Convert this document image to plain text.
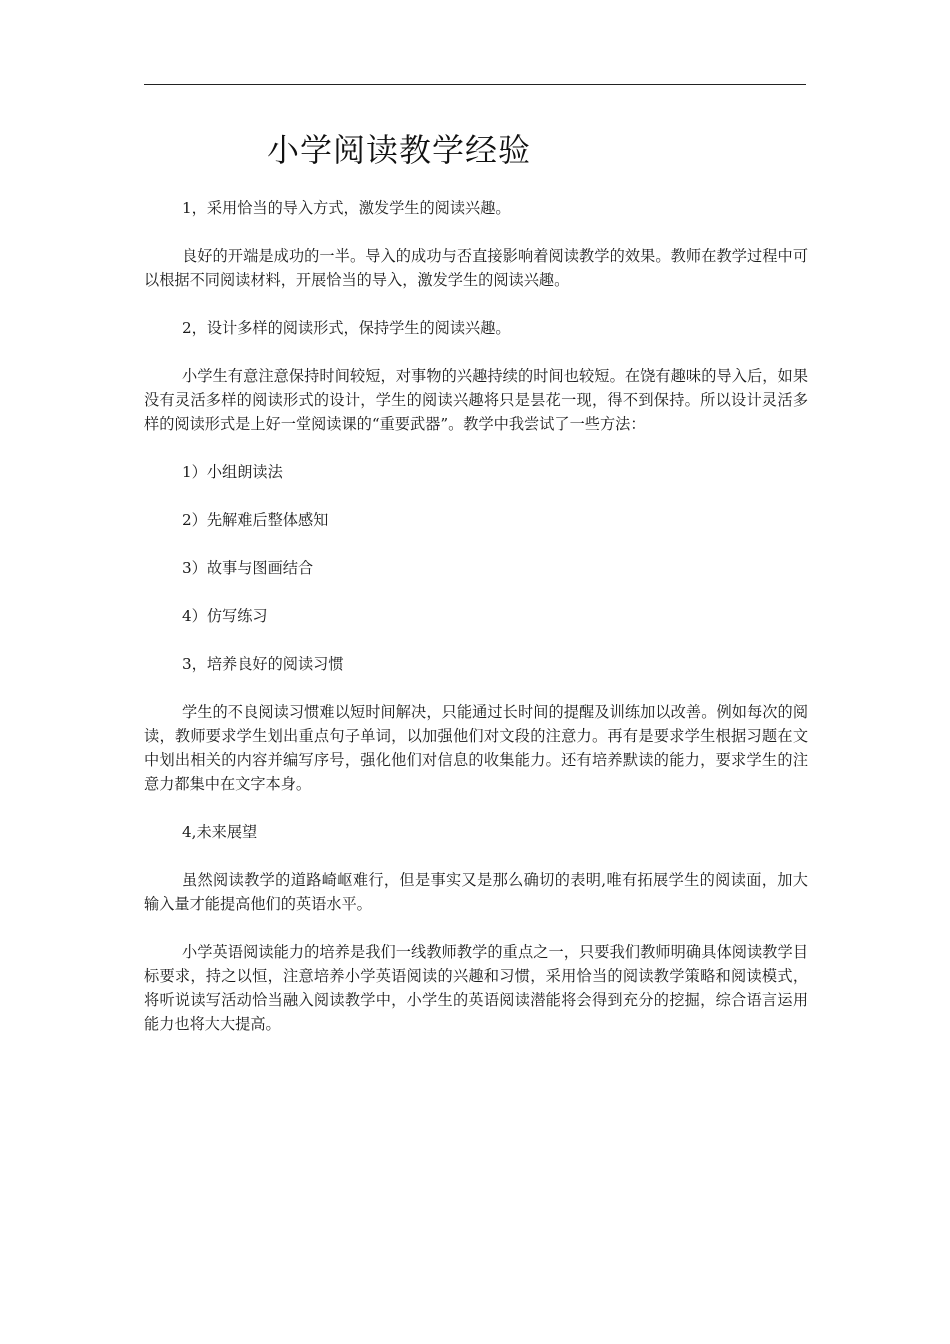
小学阅读教学经验

1，采用恰当的导入方式，激发学生的阅读兴趣。

良好的开端是成功的一半。导入的成功与否直接影响着阅读教学的效果。教师在教学过程中可以根据不同阅读材料，开展恰当的导入，激发学生的阅读兴趣。

2，设计多样的阅读形式，保持学生的阅读兴趣。

小学生有意注意保持时间较短，对事物的兴趣持续的时间也较短。在饶有趣味的导入后，如果没有灵活多样的阅读形式的设计，学生的阅读兴趣将只是昙花一现，得不到保持。所以设计灵活多样的阅读形式是上好一堂阅读课的“重要武器”。教学中我尝试了一些方法：

1）小组朗读法

2）先解难后整体感知

3）故事与图画结合

4）仿写练习

3，培养良好的阅读习惯

学生的不良阅读习惯难以短时间解决，只能通过长时间的提醒及训练加以改善。例如每次的阅读，教师要求学生划出重点句子单词，以加强他们对文段的注意力。再有是要求学生根据习题在文中划出相关的内容并编写序号，强化他们对信息的收集能力。还有培养默读的能力，要求学生的注意力都集中在文字本身。

4,未来展望

虽然阅读教学的道路崎岖难行，但是事实又是那么确切的表明,唯有拓展学生的阅读面，加大输入量才能提高他们的英语水平。

小学英语阅读能力的培养是我们一线教师教学的重点之一，只要我们教师明确具体阅读教学目标要求，持之以恒，注意培养小学英语阅读的兴趣和习惯，采用恰当的阅读教学策略和阅读模式，将听说读写活动恰当融入阅读教学中，小学生的英语阅读潜能将会得到充分的挖掘，综合语言运用能力也将大大提高。
